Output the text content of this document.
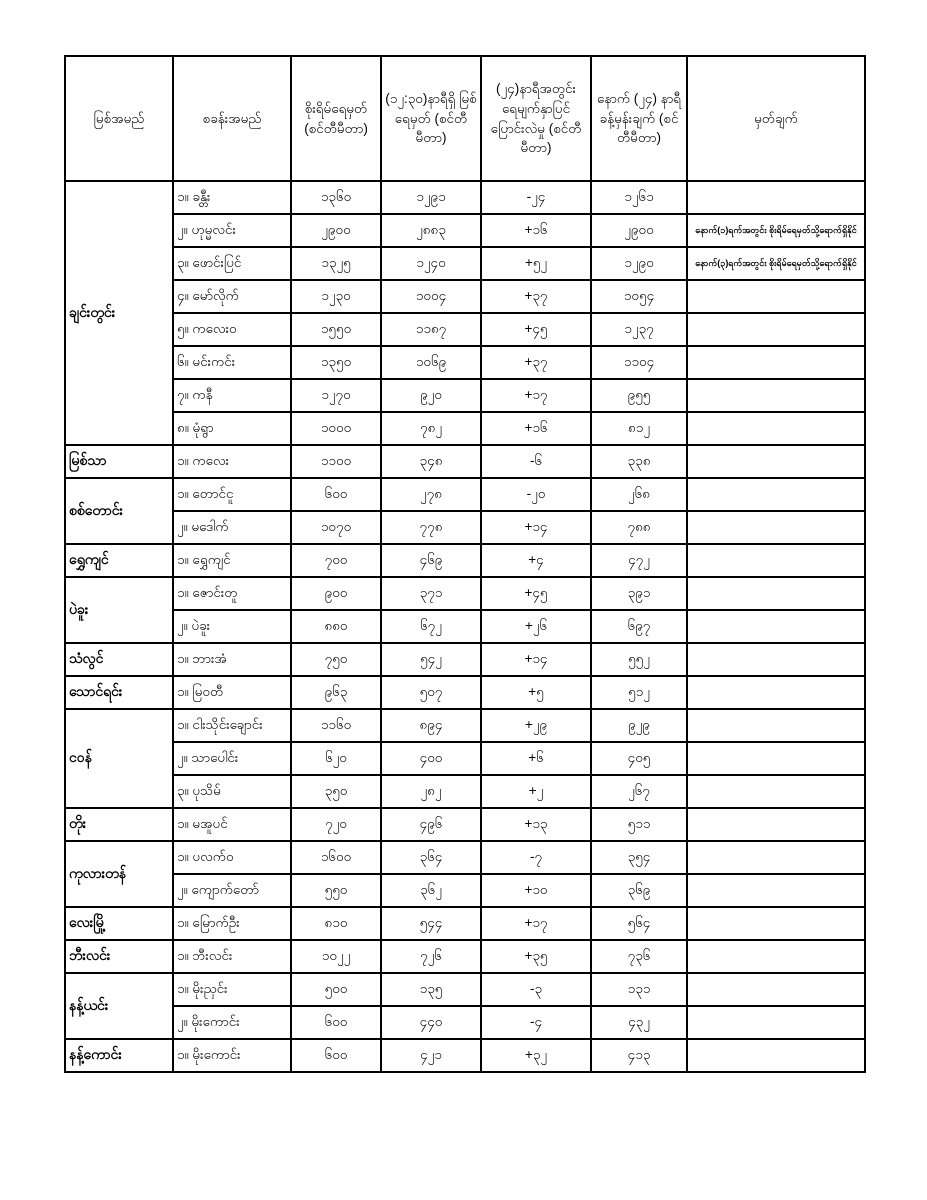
မြစ်အမည်	စခန်းအမည်	စိုးရိမ်ရေမှတ် (စင်တီမီတာ)	(၁၂:၃၀)နာရီရှိ မြစ်ရေမှတ် (စင်တီမီတာ)	(၂၄)နာရီအတွင်း ရေမျက်နှာပြင် ပြောင်းလဲမှု (စင်တီမီတာ)	နောက် (၂၄) နာရီ ခန့်မှန်းချက် (စင်တီမီတာ)	မှတ်ချက်
ချင်းတွင်း	၁။ ခန္တီး	၁၃၆၀	၁၂၉၁	-၂၄	၁၂၆၁	
	၂။ ဟုမ္မလင်း	၂၉၀၀	၂၈၈၃	+၁၆	၂၉၀၀	နောက်(၁)ရက်အတွင်း စိုးရိမ်ရေမှတ်သို့ရောက်ရှိနိုင်
	၃။ ဖောင်းပြင်	၁၃၂၅	၁၂၄၀	+၅၂	၁၂၉၀	နောက်(၃)ရက်အတွင်း စိုးရိမ်ရေမှတ်သို့ရောက်ရှိနိုင်
	၄။ မော်လိုက်	၁၂၃၀	၁၀၀၄	+၃၇	၁၀၅၄	
	၅။ ကလေးဝ	၁၅၅၀	၁၁၈၇	+၄၅	၁၂၃၇	
	၆။ မင်းကင်း	၁၃၅၀	၁၀၆၉	+၃၇	၁၁၀၄	
	၇။ ကနီ	၁၂၇၀	၉၂၀	+၁၇	၉၅၅	
	၈။ မုံရွာ	၁၀၀၀	၇၈၂	+၁၆	၈၁၂	
မြစ်သာ	၁။ ကလေး	၁၁၀၀	၃၄၈	-၆	၃၃၈	
စစ်တောင်း	၁။ တောင်ငူ	၆၀၀	၂၇၈	-၂၀	၂၆၈	
	၂။ မဒေါက်	၁၀၇၀	၇၇၈	+၁၄	၇၈၈	
ရွှေကျင်	၁။ ရွှေကျင်	၇၀၀	၄၆၉	+၄	၄၇၂	
ပဲခူး	၁။ ဇောင်းတူ	၉၀၀	၃၇၁	+၄၅	၃၉၁	
	၂။ ပဲခူး	၈၈၀	၆၇၂	+၂၆	၆၉၇	
သံလွင်	၁။ ဘားအံ	၇၅၀	၅၄၂	+၁၄	၅၅၂	
သောင်ရင်း	၁။ မြဝတီ	၉၆၃	၅၀၇	+၅	၅၁၂	
ငဝန်	၁။ ငါးသိုင်းချောင်း	၁၁၆၀	၈၉၄	+၂၉	၉၂၉	
	၂။ သာပေါင်း	၆၂၀	၄၀၀	+၆	၄၀၅	
	၃။ ပုသိမ်	၃၅၀	၂၈၂	+၂	၂၆၇	
တိုး	၁။ မအူပင်	၇၂၀	၄၉၆	+၁၃	၅၁၁	
ကုလားတန်	၁။ ပလက်ဝ	၁၆၀၀	၃၆၄	-၇	၃၅၄	
	၂။ ကျောက်တော်	၅၅၀	၃၆၂	+၁၀	၃၆၉	
လေးမြို့	၁။ မြောက်ဦး	၈၁၀	၅၄၄	+၁၇	၅၆၄	
ဘီးလင်း	၁။ ဘီးလင်း	၁၀၂၂	၇၂၆	+၃၅	၇၃၆	
နန့်ယင်း	၁။ မိုးညှင်း	၅၀၀	၁၃၅	-၃	၁၃၁	
	၂။ မိုးကောင်း	၆၀၀	၄၄၀	-၄	၄၃၂	
နန့်ကောင်း	၁။ မိုးကောင်း	၆၀၀	၄၂၁	+၃၂	၄၁၃	
